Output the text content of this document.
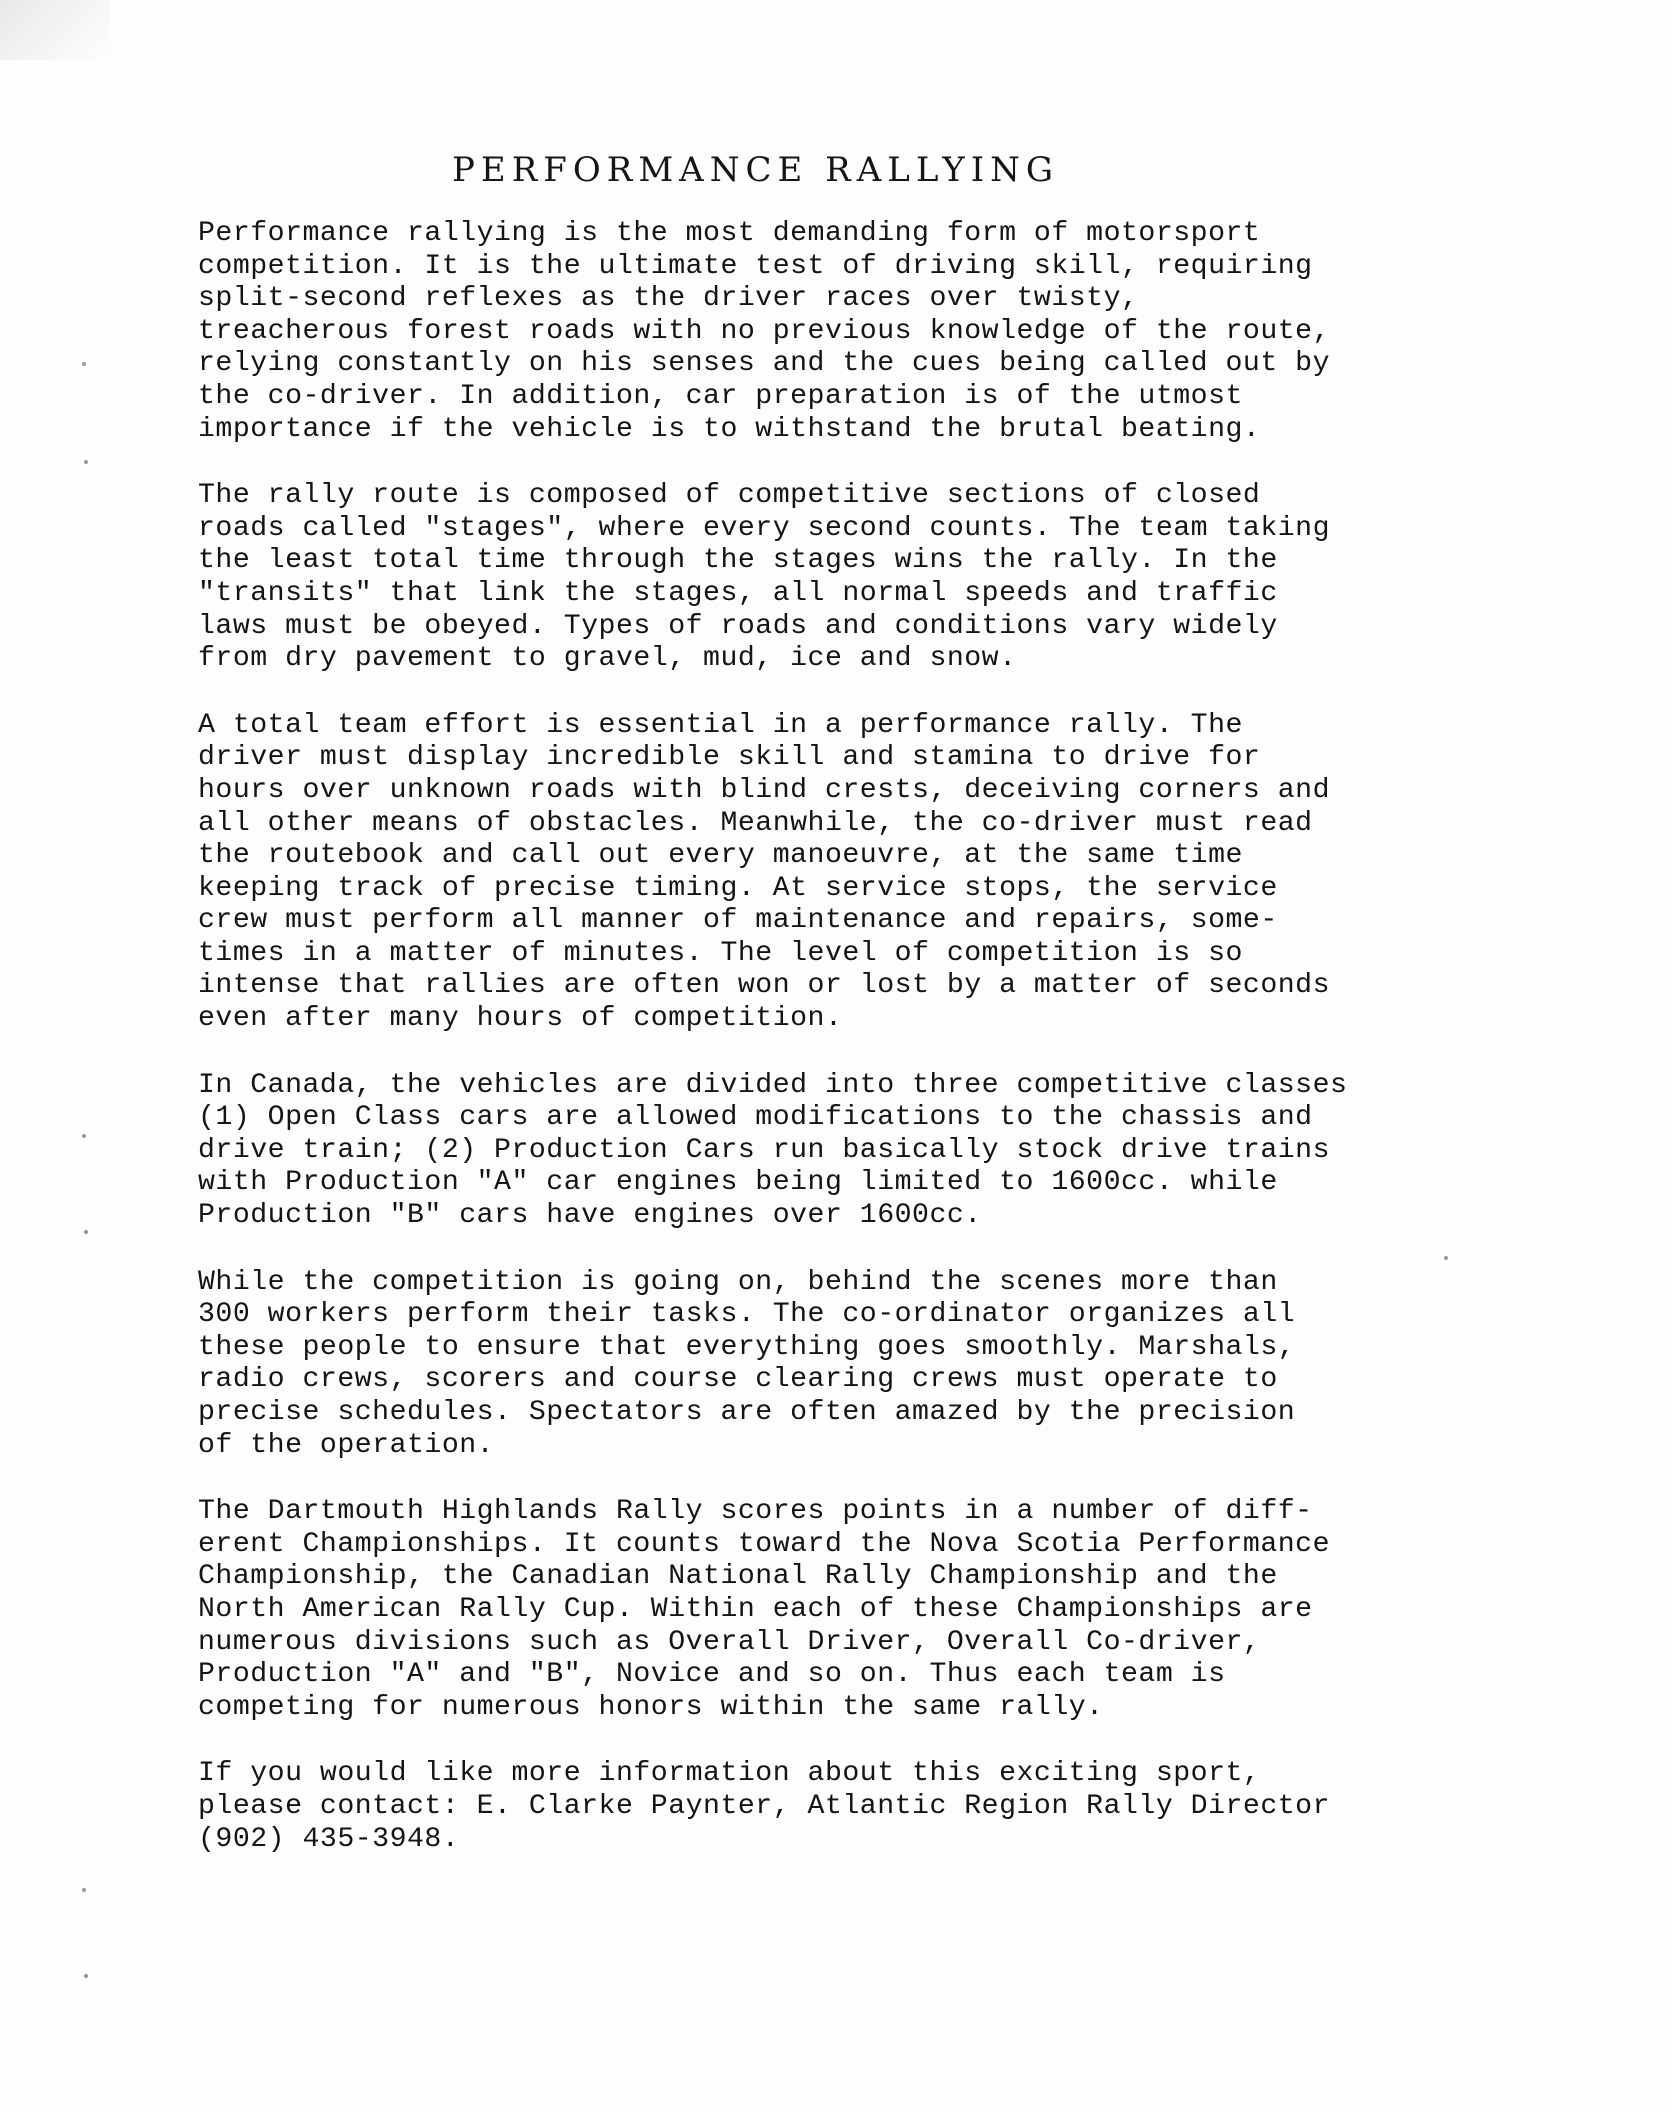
PERFORMANCE RALLYING
Performance rallying is the most demanding form of motorsport
competition. It is the ultimate test of driving skill, requiring
split-second reflexes as the driver races over twisty,
treacherous forest roads with no previous knowledge of the route,
relying constantly on his senses and the cues being called out by
the co-driver. In addition, car preparation is of the utmost
importance if the vehicle is to withstand the brutal beating.
The rally route is composed of competitive sections of closed
roads called "stages", where every second counts. The team taking
the least total time through the stages wins the rally. In the
"transits" that link the stages, all normal speeds and traffic
laws must be obeyed. Types of roads and conditions vary widely
from dry pavement to gravel, mud, ice and snow.
A total team effort is essential in a performance rally. The
driver must display incredible skill and stamina to drive for
hours over unknown roads with blind crests, deceiving corners and
all other means of obstacles. Meanwhile, the co-driver must read
the routebook and call out every manoeuvre, at the same time
keeping track of precise timing. At service stops, the service
crew must perform all manner of maintenance and repairs, some-
times in a matter of minutes. The level of competition is so
intense that rallies are often won or lost by a matter of seconds
even after many hours of competition.
In Canada, the vehicles are divided into three competitive classes
(1) Open Class cars are allowed modifications to the chassis and
drive train; (2) Production Cars run basically stock drive trains
with Production "A" car engines being limited to 1600cc. while
Production "B" cars have engines over 1600cc.
While the competition is going on, behind the scenes more than
300 workers perform their tasks. The co-ordinator organizes all
these people to ensure that everything goes smoothly. Marshals,
radio crews, scorers and course clearing crews must operate to
precise schedules. Spectators are often amazed by the precision
of the operation.
The Dartmouth Highlands Rally scores points in a number of diff-
erent Championships. It counts toward the Nova Scotia Performance
Championship, the Canadian National Rally Championship and the
North American Rally Cup. Within each of these Championships are
numerous divisions such as Overall Driver, Overall Co-driver,
Production "A" and "B", Novice and so on. Thus each team is
competing for numerous honors within the same rally.
If you would like more information about this exciting sport,
please contact: E. Clarke Paynter, Atlantic Region Rally Director
(902) 435-3948.
